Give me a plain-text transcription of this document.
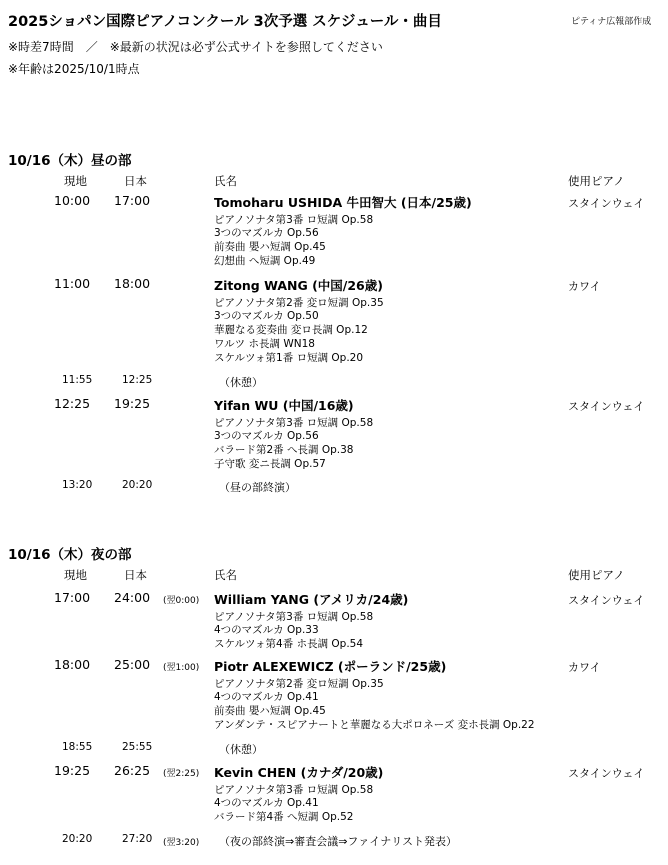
2025ショパン国際ピアノコンクール 3次予選 スケジュール・曲目	ピティナ広報部作成
※時差7時間　／　※最新の状況は必ず公式サイトを参照してください
※年齢は2025/10/1時点
10/16（木）昼の部
現地	日本	氏名	使用ピアノ
10:00 17:00	Tomoharu USHIDA 牛田智大 (日本/25歳)	スタインウェイ
ピアノソナタ第3番 ロ短調 Op.58
3つのマズルカ Op.56
前奏曲 嬰ハ短調 Op.45
幻想曲 へ短調 Op.49
11:00 18:00	Zitong WANG (中国/26歳)	カワイ
ピアノソナタ第2番 変ロ短調 Op.35
3つのマズルカ Op.50
華麗なる変奏曲 変ロ長調 Op.12
ワルツ ホ長調 WN18
スケルツォ第1番 ロ短調 Op.20
11:55	12:25	（休憩）
12:25 19:25	Yifan WU (中国/16歳)	スタインウェイ
ピアノソナタ第3番 ロ短調 Op.58
3つのマズルカ Op.56
バラード第2番 へ長調 Op.38
子守歌 変ニ長調 Op.57
13:20	20:20	（昼の部終演）
10/16（木）夜の部
現地	日本	氏名	使用ピアノ
17:00 24:00 (翌0:00) William YANG (アメリカ/24歳)	スタインウェイ
ピアノソナタ第3番 ロ短調 Op.58
4つのマズルカ Op.33
スケルツォ第4番 ホ長調 Op.54
18:00 25:00 (翌1:00) Piotr ALEXEWICZ (ポーランド/25歳)	カワイ
ピアノソナタ第2番 変ロ短調 Op.35
4つのマズルカ Op.41
前奏曲 嬰ハ短調 Op.45
アンダンテ・スピアナートと華麗なる大ポロネーズ 変ホ長調 Op.22
18:55	25:55	（休憩）
19:25 26:25 (翌2:25) Kevin CHEN (カナダ/20歳)	スタインウェイ
ピアノソナタ第3番 ロ短調 Op.58
4つのマズルカ Op.41
バラード第4番 へ短調 Op.52
20:20	27:20 (翌3:20) （夜の部終演⇒審査会議⇒ファイナリスト発表）
